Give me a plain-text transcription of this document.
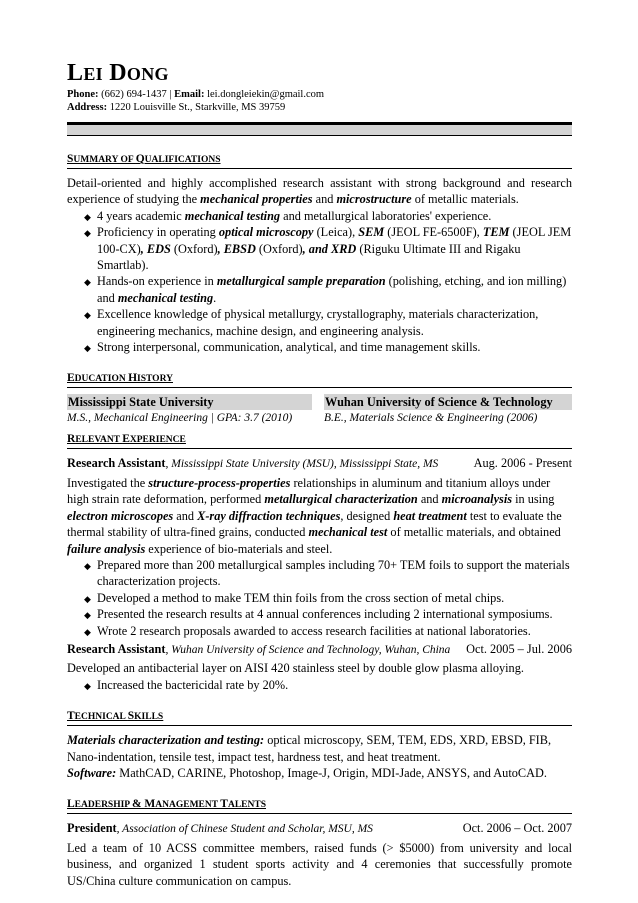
LEI DONG
Phone: (662) 694-1437 | Email: lei.dongleiekin@gmail.com
Address: 1220 Louisville St., Starkville, MS 39759
SUMMARY OF QUALIFICATIONS
Detail-oriented and highly accomplished research assistant with strong background and research experience of studying the mechanical properties and microstructure of metallic materials.
◆ 4 years academic mechanical testing and metallurgical laboratories' experience.
◆ Proficiency in operating optical microscopy (Leica), SEM (JEOL FE-6500F), TEM (JEOL JEM 100-CX), EDS (Oxford), EBSD (Oxford), and XRD (Riguku Ultimate III and Rigaku Smartlab).
◆ Hands-on experience in metallurgical sample preparation (polishing, etching, and ion milling) and mechanical testing.
◆ Excellence knowledge of physical metallurgy, crystallography, materials characterization, engineering mechanics, machine design, and engineering analysis.
◆ Strong interpersonal, communication, analytical, and time management skills.
EDUCATION HISTORY
Mississippi State University
M.S., Mechanical Engineering | GPA: 3.7 (2010)
Wuhan University of Science & Technology
B.E., Materials Science & Engineering (2006)
RELEVANT EXPERIENCE
Research Assistant, Mississippi State University (MSU), Mississippi State, MS	Aug. 2006 - Present
Investigated the structure-process-properties relationships in aluminum and titanium alloys under high strain rate deformation, performed metallurgical characterization and microanalysis in using electron microscopes and X-ray diffraction techniques, designed heat treatment test to evaluate the thermal stability of ultra-fined grains, conducted mechanical test of metallic materials, and obtained failure analysis experience of bio-materials and steel.
◆ Prepared more than 200 metallurgical samples including 70+ TEM foils to support the materials characterization projects.
◆ Developed a method to make TEM thin foils from the cross section of metal chips.
◆ Presented the research results at 4 annual conferences including 2 international symposiums.
◆ Wrote 2 research proposals awarded to access research facilities at national laboratories.
Research Assistant, Wuhan University of Science and Technology, Wuhan, China Oct. 2005 – Jul. 2006
Developed an antibacterial layer on AISI 420 stainless steel by double glow plasma alloying.
◆ Increased the bactericidal rate by 20%.
TECHNICAL SKILLS
Materials characterization and testing: optical microscopy, SEM, TEM, EDS, XRD, EBSD, FIB, Nano-indentation, tensile test, impact test, hardness test, and heat treatment.
Software: MathCAD, CARINE, Photoshop, Image-J, Origin, MDI-Jade, ANSYS, and AutoCAD.
LEADERSHIP & MANAGEMENT TALENTS
President, Association of Chinese Student and Scholar, MSU, MS	Oct. 2006 – Oct. 2007
Led a team of 10 ACSS committee members, raised funds (> $5000) from university and local business, and organized 1 student sports activity and 4 ceremonies that successfully promote US/China culture communication on campus.
